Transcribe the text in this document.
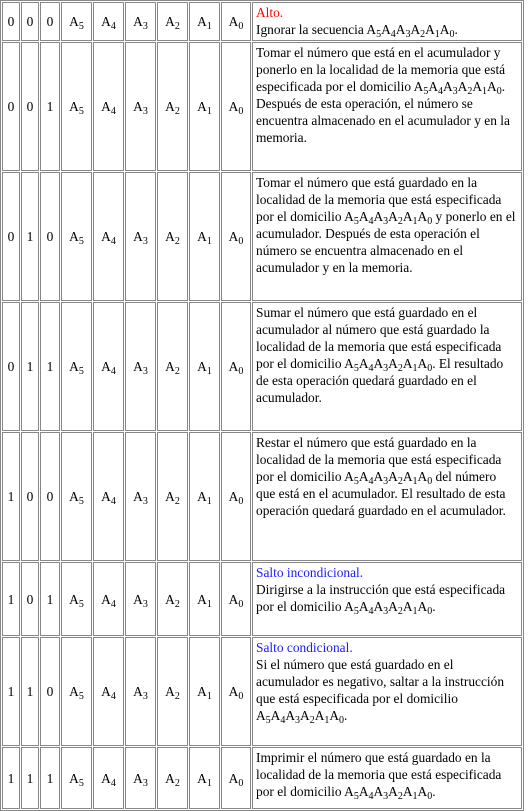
0	0	0	$A_5$	$A_4$	$A_3$	$A_2$	$A_1$	$A_0$	Alto.
Ignorar la secuencia $A_5A_4A_3A_2A_1A_0$.
0	0	1	$A_5$	$A_4$	$A_3$	$A_2$	$A_1$	$A_0$	Tomar el número que está en el acumulador y ponerlo en la localidad de la memoria que está especificada por el domicilio $A_5A_4A_3A_2A_1A_0$. Después de esta operación, el número se encuentra almacenado en el acumulador y en la memoria.
0	1	0	$A_5$	$A_4$	$A_3$	$A_2$	$A_1$	$A_0$	Tomar el número que está guardado en la localidad de la memoria que está especificada por el domicilio $A_5A_4A_3A_2A_1A_0$ y ponerlo en el acumulador. Después de esta operación el número se encuentra almacenado en el acumulador y en la memoria.
0	1	1	$A_5$	$A_4$	$A_3$	$A_2$	$A_1$	$A_0$	Sumar el número que está guardado en el acumulador al número que está guardado la localidad de la memoria que está especificada por el domicilio $A_5A_4A_3A_2A_1A_0$. El resultado de esta operación quedará guardado en el acumulador.
1	0	0	$A_5$	$A_4$	$A_3$	$A_2$	$A_1$	$A_0$	Restar el número que está guardado en la localidad de la memoria que está especificada por el domicilio $A_5A_4A_3A_2A_1A_0$ del número que está en el acumulador. El resultado de esta operación quedará guardado en el acumulador.
1	0	1	$A_5$	$A_4$	$A_3$	$A_2$	$A_1$	$A_0$	Salto incondicional.
Dirigirse a la instrucción que está especificada por el domicilio $A_5A_4A_3A_2A_1A_0$.
1	1	0	$A_5$	$A_4$	$A_3$	$A_2$	$A_1$	$A_0$	Salto condicional.
Si el número que está guardado en el acumulador es negativo, saltar a la instrucción que está especificada por el domicilio $A_5A_4A_3A_2A_1A_0$.
1	1	1	$A_5$	$A_4$	$A_3$	$A_2$	$A_1$	$A_0$	Imprimir el número que está guardado en la localidad de la memoria que está especificada por el domicilio $A_5A_4A_3A_2A_1A_0$.
